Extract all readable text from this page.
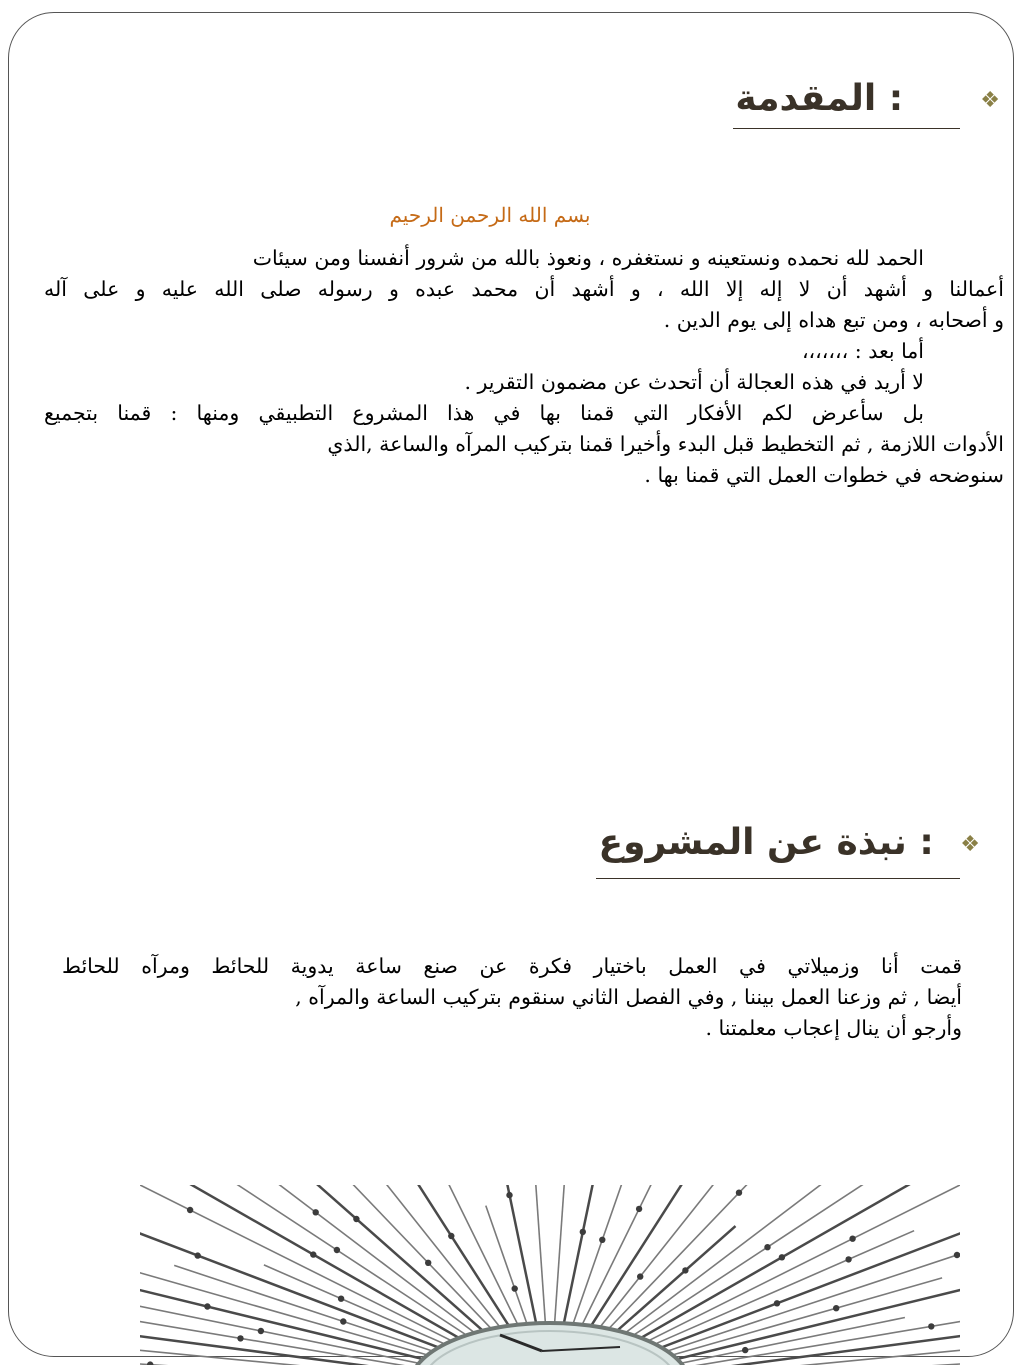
❖  : المقدمة
بسم الله الرحمن الرحيم

الحمد لله نحمده ونستعينه و نستغفره ، ونعوذ بالله من شرور أنفسنا ومن سيئات

أعمالنا و أشهد أن لا إله إلا الله ، و أشهد أن محمد عبده و رسوله صلى الله عليه و على آله

و أصحابه ، ومن تبع هداه إلى يوم الدين .

أما بعد : ،،،،،،،

لا أريد في هذه العجالة أن أتحدث عن مضمون التقرير .

بل سأعرض لكم الأفكار التي قمنا بها في هذا المشروع التطبيقي ومنها : قمنا بتجميع

الأدوات اللازمة , ثم التخطيط قبل البدء وأخيرا قمنا بتركيب المرآه والساعة ,الذي

سنوضحه في خطوات العمل التي قمنا بها .

❖ : نبذة عن المشروع

قمت أنا وزميلاتي في العمل باختيار فكرة عن صنع ساعة يدوية للحائط ومرآه للحائط

أيضا , ثم وزعنا العمل بيننا , وفي الفصل الثاني سنقوم بتركيب الساعة والمرآه ,

وأرجو أن ينال إعجاب معلمتنا .
